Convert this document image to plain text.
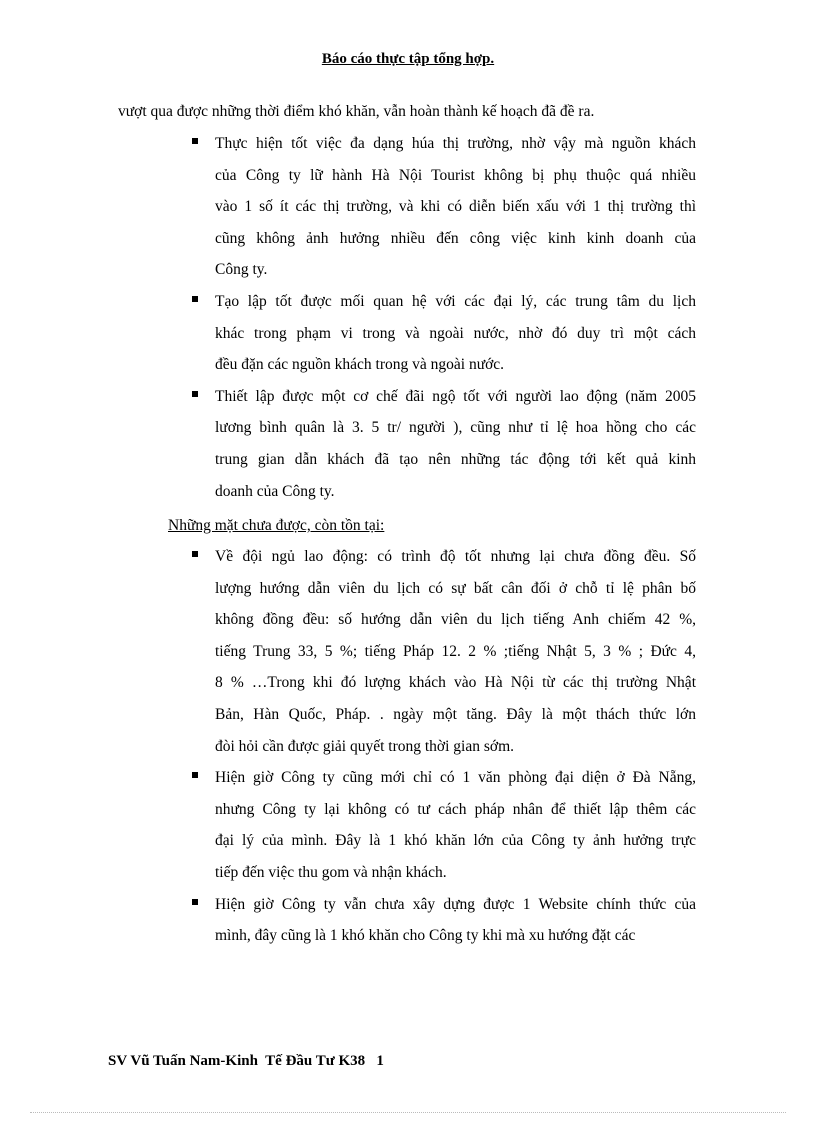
Báo cáo thực tập tổng hợp.
vượt qua được những thời điểm khó khăn, vẫn hoàn thành kế hoạch đã đề ra.
Thực hiện tốt việc đa dạng húa thị trường, nhờ vậy mà nguồn khách
của Công ty lữ hành Hà Nội Tourist không bị phụ thuộc quá nhiều
vào 1 số ít các thị trường, và khi có diễn biến xấu với 1 thị trường thì
cũng không ảnh hưởng nhiều đến công việc kinh kinh doanh của
Công ty.
Tạo lập tốt được mối quan hệ với các đại lý, các trung tâm du lịch
khác trong phạm vi trong và ngoài nước, nhờ đó duy trì một cách
đều đặn các nguồn khách trong và ngoài nước.
Thiết lập được một cơ chế đãi ngộ tốt với người lao động (năm 2005
lương bình quân là 3. 5 tr/ người ), cũng như tỉ lệ hoa hồng cho các
trung gian dẫn khách đã tạo nên những tác động tới kết quả kinh
doanh của Công ty.
Những mặt chưa được, còn tồn tại:
Về đội ngủ lao động: có trình độ tốt nhưng lại chưa đồng đều. Số
lượng hướng dẫn viên du lịch có sự bất cân đối ở chỗ tỉ lệ phân bố
không đồng đều: số hướng dẫn viên du lịch tiếng Anh chiếm 42 %,
tiếng Trung 33, 5 %; tiếng Pháp 12. 2 % ;tiếng Nhật 5, 3 % ; Đức 4,
8 % …Trong khi đó lượng khách vào Hà Nội từ các thị trường Nhật
Bản, Hàn Quốc, Pháp. . ngày một tăng. Đây là một thách thức lớn
đòi hỏi cần được giải quyết trong thời gian sớm.
Hiện giờ Công ty cũng mới chỉ có 1 văn phòng đại diện ở Đà Nẵng,
nhưng Công ty lại không có tư cách pháp nhân để thiết lập thêm các
đại lý của mình. Đây là 1 khó khăn lớn của Công ty ảnh hưởng trực
tiếp đến việc thu gom và nhận khách.
Hiện giờ Công ty vẫn chưa xây dựng được 1 Website chính thức của
mình, đây cũng là 1 khó khăn cho Công ty khi mà xu hướng đặt các
SV Vũ Tuấn Nam-Kinh  Tế Đầu Tư K38   1
